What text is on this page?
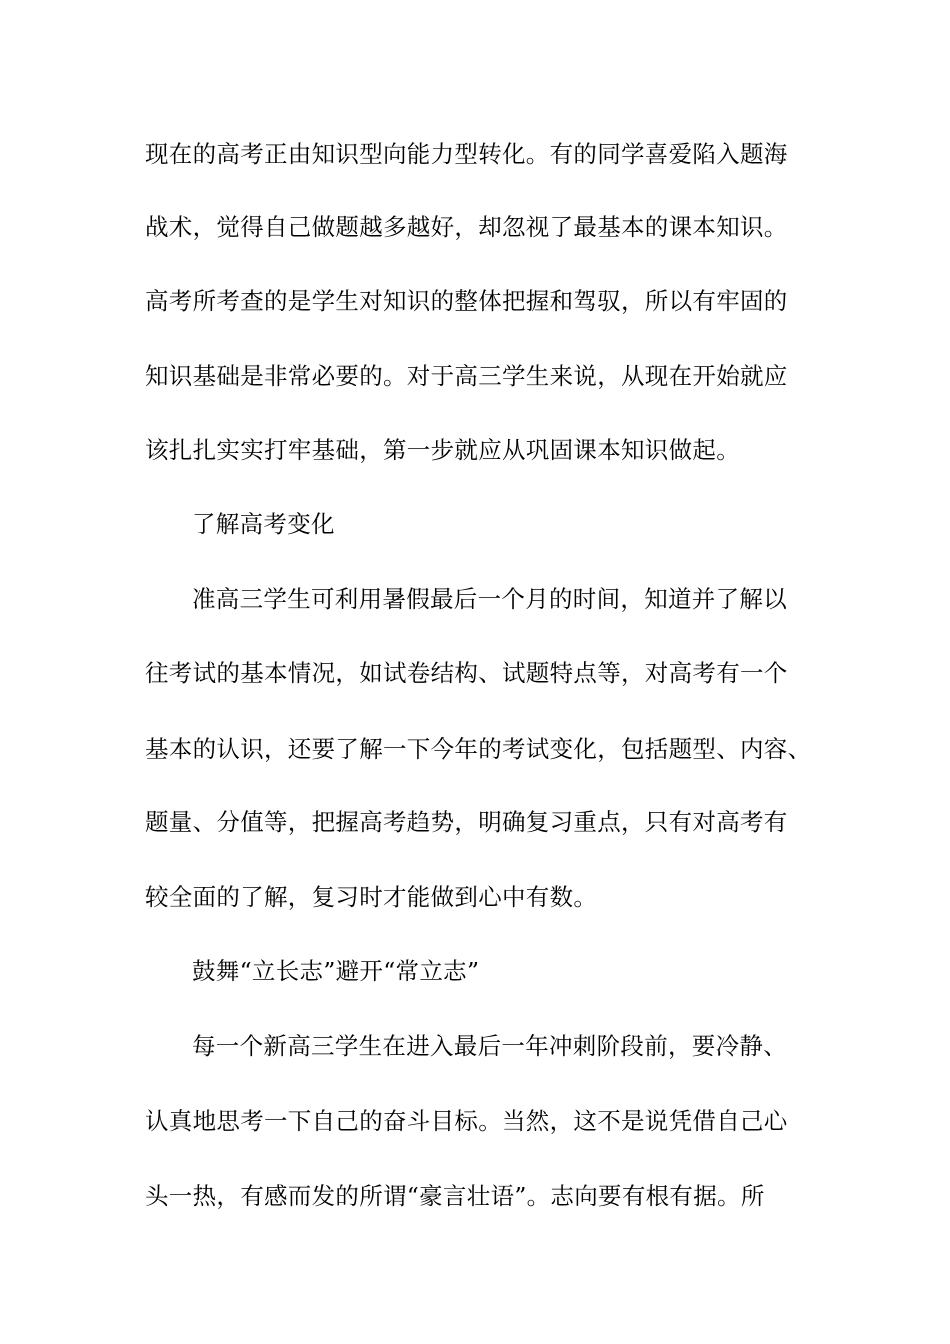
现在的高考正由知识型向能力型转化。有的同学喜爱陷入题海
战术，觉得自己做题越多越好，却忽视了最基本的课本知识。
高考所考查的是学生对知识的整体把握和驾驭，所以有牢固的
知识基础是非常必要的。对于高三学生来说，从现在开始就应
该扎扎实实打牢基础，第一步就应从巩固课本知识做起。
了解高考变化
准高三学生可利用暑假最后一个月的时间，知道并了解以
往考试的基本情况，如试卷结构、试题特点等，对高考有一个
基本的认识，还要了解一下今年的考试变化，包括题型、内容、
题量、分值等，把握高考趋势，明确复习重点，只有对高考有
较全面的了解，复习时才能做到心中有数。
鼓舞“立长志”避开“常立志”
每一个新高三学生在进入最后一年冲刺阶段前，要冷静、
认真地思考一下自己的奋斗目标。当然，这不是说凭借自己心
头一热，有感而发的所谓“豪言壮语”。志向要有根有据。所
